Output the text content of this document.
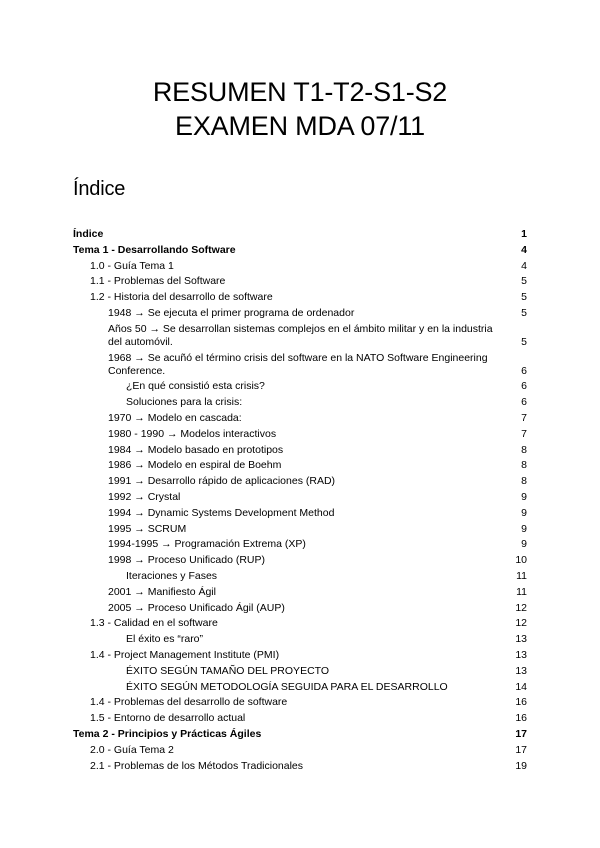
RESUMEN T1-T2-S1-S2
EXAMEN MDA 07/11
Índice
Índice	1
Tema 1 - Desarrollando Software	4
1.0 - Guía Tema 1	4
1.1 - Problemas del Software	5
1.2 - Historia del desarrollo de software	5
1948 → Se ejecuta el primer programa de ordenador	5
Años 50 → Se desarrollan sistemas complejos en el ámbito militar y en la industria del automóvil.	5
1968 → Se acuñó el término crisis del software en la NATO Software Engineering Conference.	6
¿En qué consistió esta crisis?	6
Soluciones para la crisis:	6
1970 → Modelo en cascada:	7
1980 - 1990 → Modelos interactivos	7
1984 → Modelo basado en prototipos	8
1986 → Modelo en espiral de Boehm	8
1991 → Desarrollo rápido de aplicaciones (RAD)	8
1992 → Crystal	9
1994 → Dynamic Systems Development Method	9
1995 → SCRUM	9
1994-1995 → Programación Extrema (XP)	9
1998 → Proceso Unificado (RUP)	10
Iteraciones y Fases	11
2001 → Manifiesto Ágil	11
2005 → Proceso Unificado Ágil (AUP)	12
1.3 - Calidad en el software	12
El éxito es “raro”	13
1.4 - Project Management Institute (PMI)	13
ÉXITO SEGÚN TAMAÑO DEL PROYECTO	13
ÉXITO SEGÚN METODOLOGÍA SEGUIDA PARA EL DESARROLLO	14
1.4 - Problemas del desarrollo de software	16
1.5 - Entorno de desarrollo actual	16
Tema 2 - Principios y Prácticas Ágiles	17
2.0 - Guía Tema 2	17
2.1 - Problemas de los Métodos Tradicionales	19
